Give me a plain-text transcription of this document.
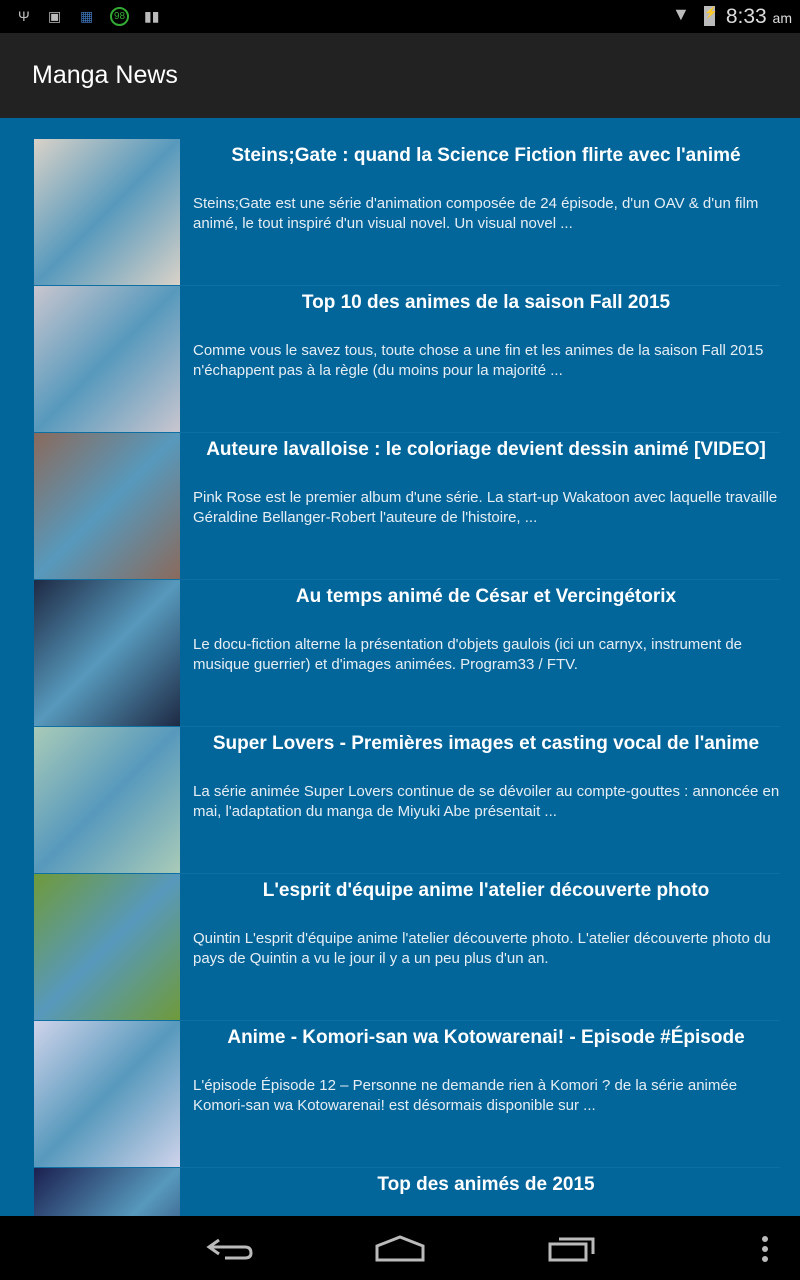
Ψ ▣ ▦	98 ▮▮	▼ ⚡ 8:33 am
Manga News
Steins;Gate : quand la Science Fiction flirte avec l'animé
Steins;Gate est une série d'animation composée de 24 épisode, d'un OAV & d'un film animé, le tout inspiré d'un visual novel. Un visual novel ...
Top 10 des animes de la saison Fall 2015
Comme vous le savez tous, toute chose a une fin et les animes de la saison Fall 2015 n'échappent pas à la règle (du moins pour la majorité ...
Auteure lavalloise : le coloriage devient dessin animé [VIDEO]
Pink Rose est le premier album d'une série. La start-up Wakatoon avec laquelle travaille Géraldine Bellanger-Robert l'auteure de l'histoire, ...
Au temps animé de César et Vercingétorix
Le docu-fiction alterne la présentation d'objets gaulois (ici un carnyx, instrument de musique guerrier) et d'images animées. Program33 / FTV.
Super Lovers - Premières images et casting vocal de l'anime
La série animée Super Lovers continue de se dévoiler au compte-gouttes : annoncée en mai, l'adaptation du manga de Miyuki Abe présentait ...
L'esprit d'équipe anime l'atelier découverte photo
Quintin L'esprit d'équipe anime l'atelier découverte photo. L'atelier découverte photo du pays de Quintin a vu le jour il y a un peu plus d'un an.
Anime - Komori-san wa Kotowarenai! - Episode #Épisode
L'épisode Épisode 12 – Personne ne demande rien à Komori ? de la série animée Komori-san wa Kotowarenai! est désormais disponible sur ...
Top des animés de 2015
